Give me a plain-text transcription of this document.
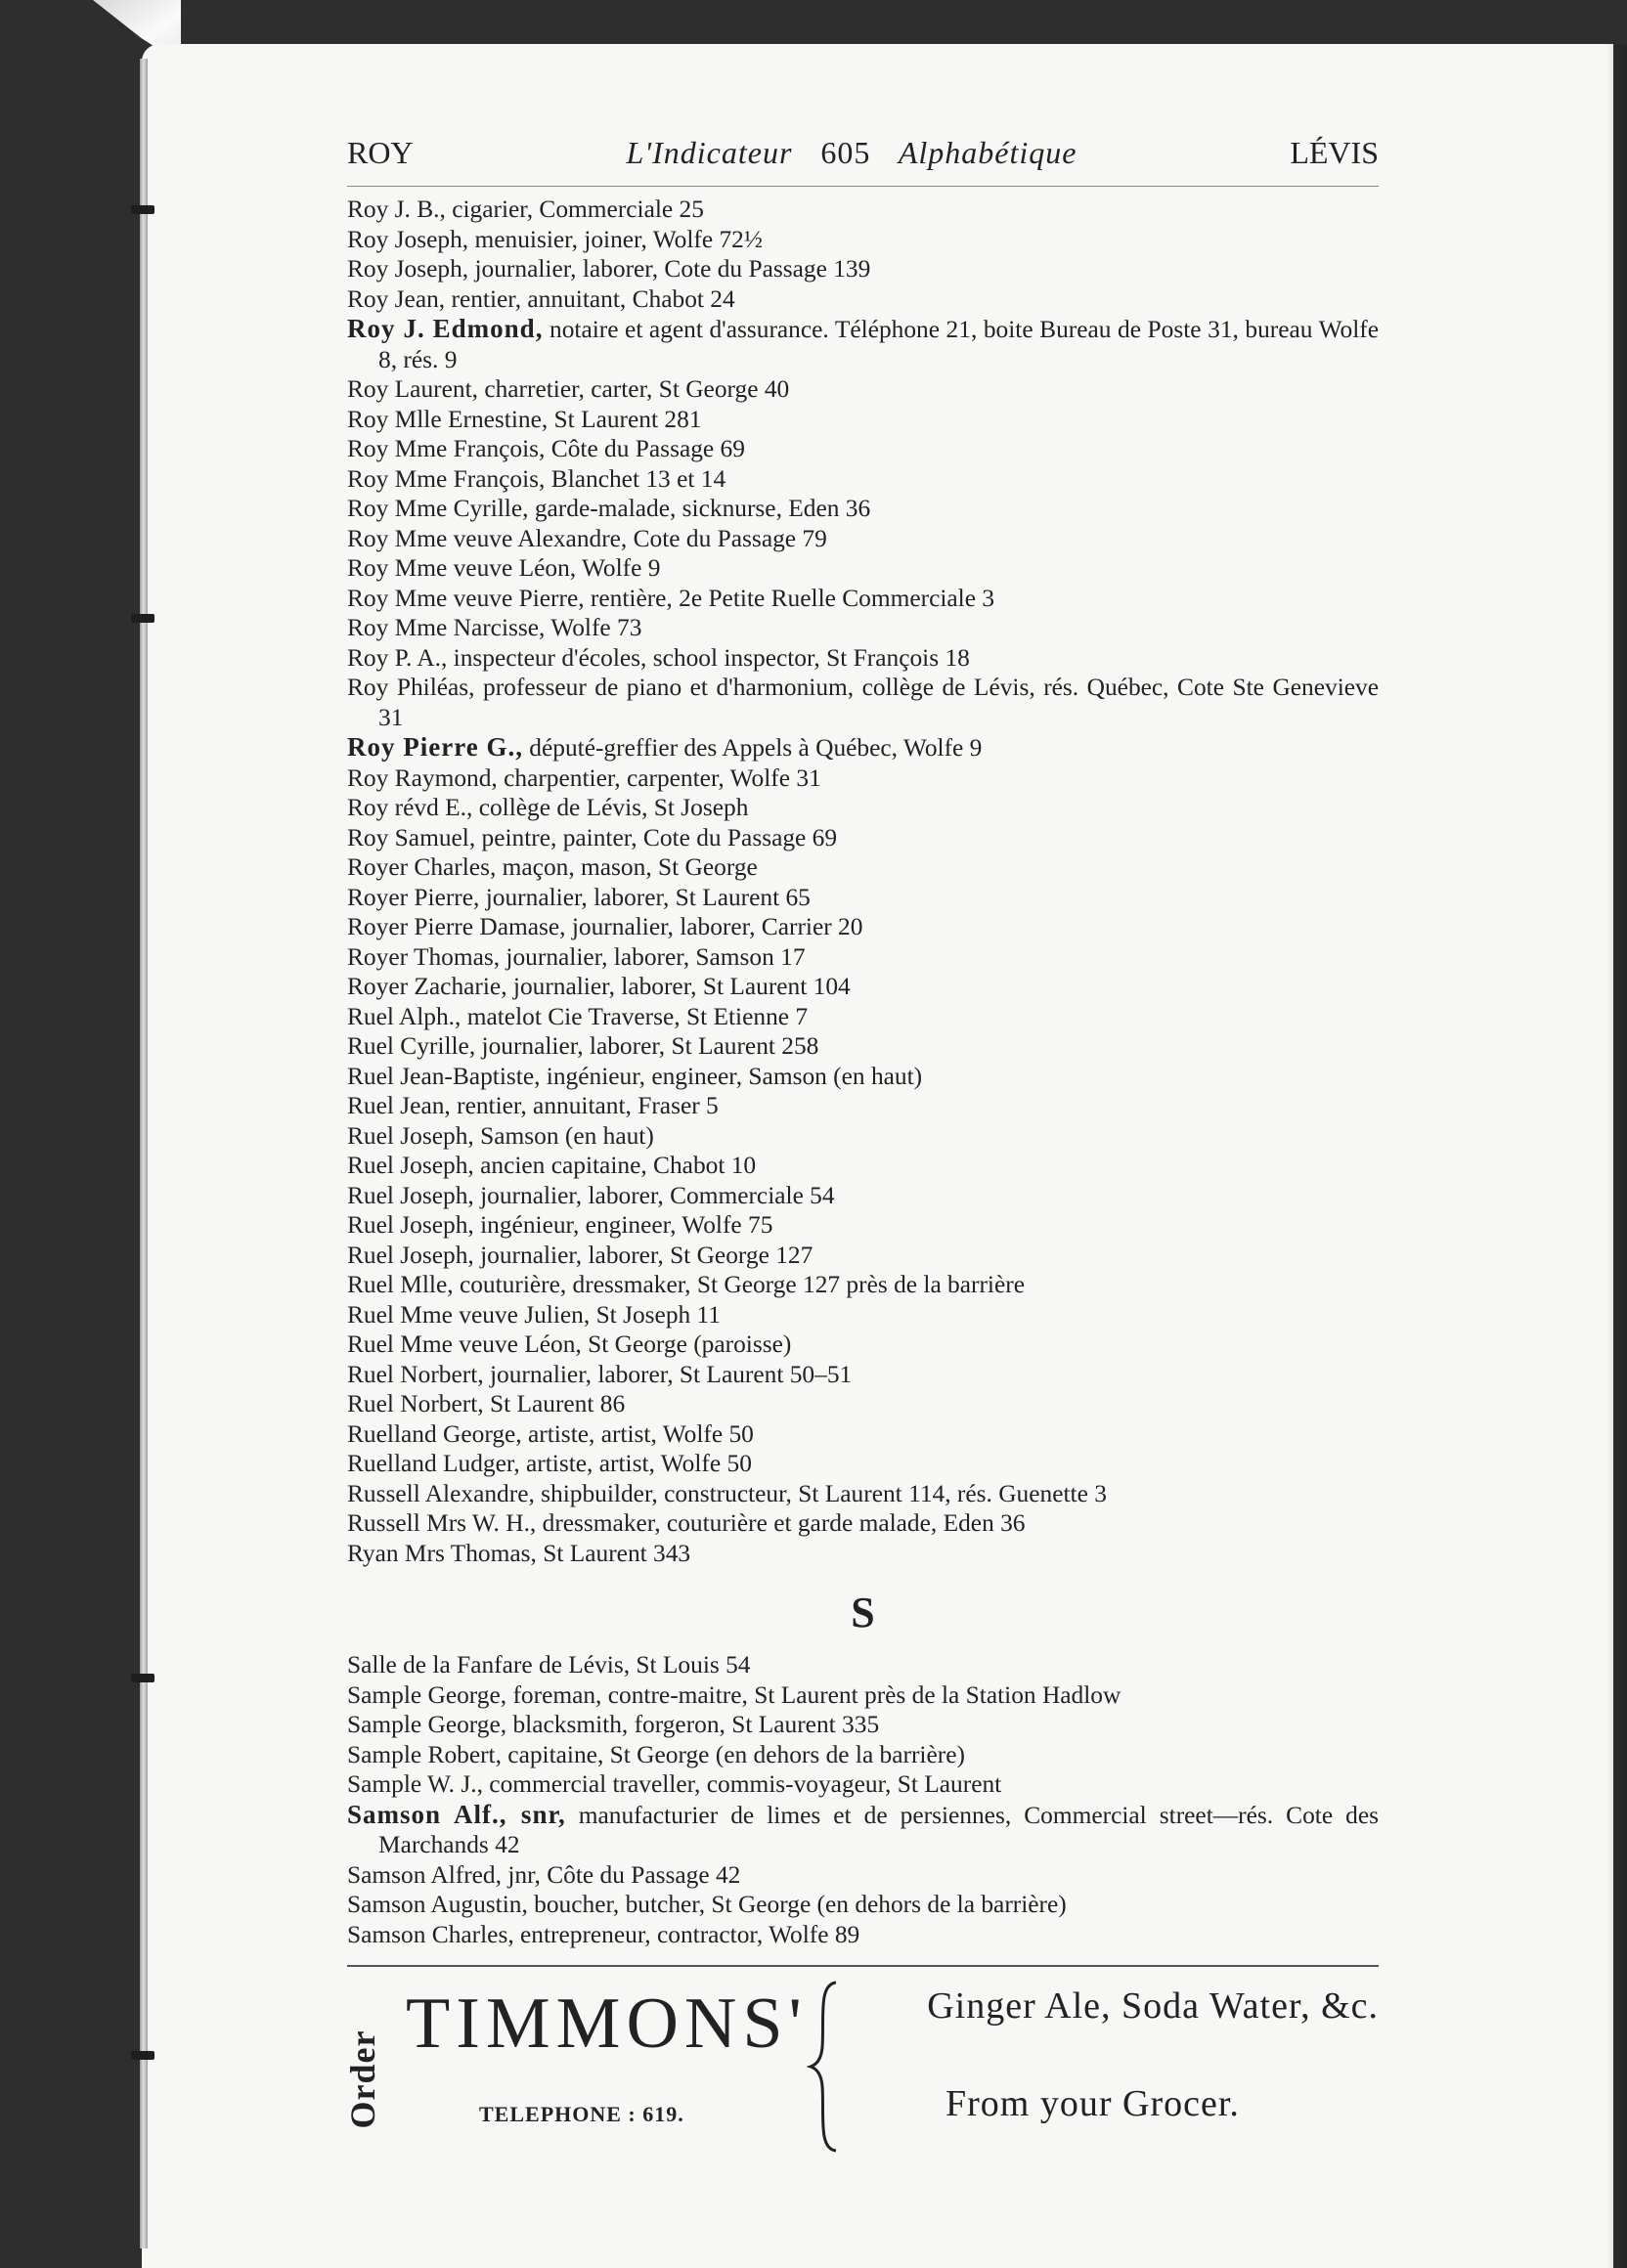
ROY	L'Indicateur 605 Alphabétique	LÉVIS
Roy J. B., cigarier, Commerciale 25
Roy Joseph, menuisier, joiner, Wolfe 72½
Roy Joseph, journalier, laborer, Cote du Passage 139
Roy Jean, rentier, annuitant, Chabot 24
Roy J. Edmond, notaire et agent d'assurance. Téléphone 21, boite Bureau de Poste 31, bureau Wolfe 8, rés. 9
Roy Laurent, charretier, carter, St George 40
Roy Mlle Ernestine, St Laurent 281
Roy Mme François, Côte du Passage 69
Roy Mme François, Blanchet 13 et 14
Roy Mme Cyrille, garde-malade, sicknurse, Eden 36
Roy Mme veuve Alexandre, Cote du Passage 79
Roy Mme veuve Léon, Wolfe 9
Roy Mme veuve Pierre, rentière, 2e Petite Ruelle Commerciale 3
Roy Mme Narcisse, Wolfe 73
Roy P. A., inspecteur d'écoles, school inspector, St François 18
Roy Philéas, professeur de piano et d'harmonium, collège de Lévis, rés. Québec, Cote Ste Genevieve 31
Roy Pierre G., député-greffier des Appels à Québec, Wolfe 9
Roy Raymond, charpentier, carpenter, Wolfe 31
Roy révd E., collège de Lévis, St Joseph
Roy Samuel, peintre, painter, Cote du Passage 69
Royer Charles, maçon, mason, St George
Royer Pierre, journalier, laborer, St Laurent 65
Royer Pierre Damase, journalier, laborer, Carrier 20
Royer Thomas, journalier, laborer, Samson 17
Royer Zacharie, journalier, laborer, St Laurent 104
Ruel Alph., matelot Cie Traverse, St Etienne 7
Ruel Cyrille, journalier, laborer, St Laurent 258
Ruel Jean-Baptiste, ingénieur, engineer, Samson (en haut)
Ruel Jean, rentier, annuitant, Fraser 5
Ruel Joseph, Samson (en haut)
Ruel Joseph, ancien capitaine, Chabot 10
Ruel Joseph, journalier, laborer, Commerciale 54
Ruel Joseph, ingénieur, engineer, Wolfe 75
Ruel Joseph, journalier, laborer, St George 127
Ruel Mlle, couturière, dressmaker, St George 127 près de la barrière
Ruel Mme veuve Julien, St Joseph 11
Ruel Mme veuve Léon, St George (paroisse)
Ruel Norbert, journalier, laborer, St Laurent 50–51
Ruel Norbert, St Laurent 86
Ruelland George, artiste, artist, Wolfe 50
Ruelland Ludger, artiste, artist, Wolfe 50
Russell Alexandre, shipbuilder, constructeur, St Laurent 114, rés. Guenette 3
Russell Mrs W. H., dressmaker, couturière et garde malade, Eden 36
Ryan Mrs Thomas, St Laurent 343
S
Salle de la Fanfare de Lévis, St Louis 54
Sample George, foreman, contre-maitre, St Laurent près de la Station Hadlow
Sample George, blacksmith, forgeron, St Laurent 335
Sample Robert, capitaine, St George (en dehors de la barrière)
Sample W. J., commercial traveller, commis-voyageur, St Laurent
Samson Alf., snr, manufacturier de limes et de persiennes, Commercial street—rés. Cote des Marchands 42
Samson Alfred, jnr, Côte du Passage 42
Samson Augustin, boucher, butcher, St George (en dehors de la barrière)
Samson Charles, entrepreneur, contractor, Wolfe 89
Order
TIMMONS'
TELEPHONE : 619.
Ginger Ale, Soda Water, &c.
From your Grocer.
